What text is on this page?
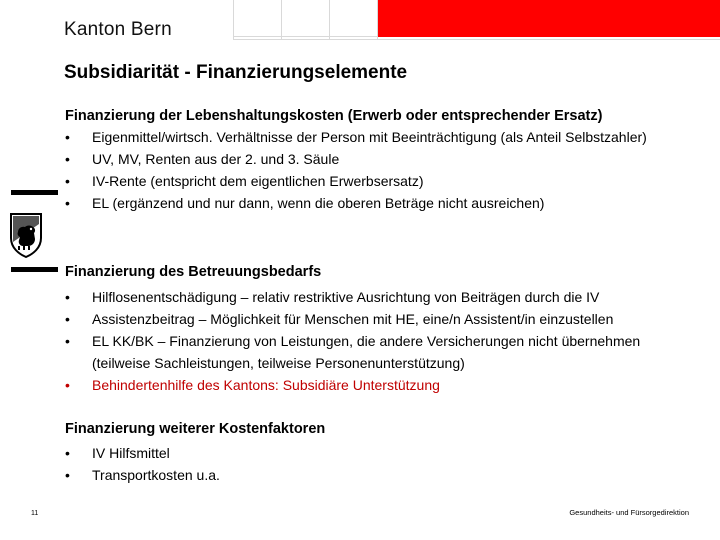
Kanton Bern
Subsidiarität - Finanzierungselemente
Finanzierung der Lebenshaltungskosten (Erwerb oder entsprechender Ersatz)
• Eigenmittel/wirtsch. Verhältnisse der Person mit Beeinträchtigung (als Anteil Selbstzahler)
• UV, MV, Renten aus der 2. und 3. Säule
• IV-Rente (entspricht dem eigentlichen Erwerbsersatz)
• EL (ergänzend und nur dann, wenn die oberen Beträge nicht ausreichen)
Finanzierung des Betreuungsbedarfs
• Hilflosenentschädigung – relativ restriktive Ausrichtung von Beiträgen durch die IV
• Assistenzbeitrag – Möglichkeit für Menschen mit HE, eine/n Assistent/in einzustellen
• EL KK/BK – Finanzierung von Leistungen, die andere Versicherungen nicht übernehmen (teilweise Sachleistungen, teilweise Personenunterstützung)
• Behindertenhilfe des Kantons: Subsidiäre Unterstützung
Finanzierung weiterer Kostenfaktoren
• IV Hilfsmittel
• Transportkosten u.a.
11	Gesundheits- und Fürsorgedirektion
